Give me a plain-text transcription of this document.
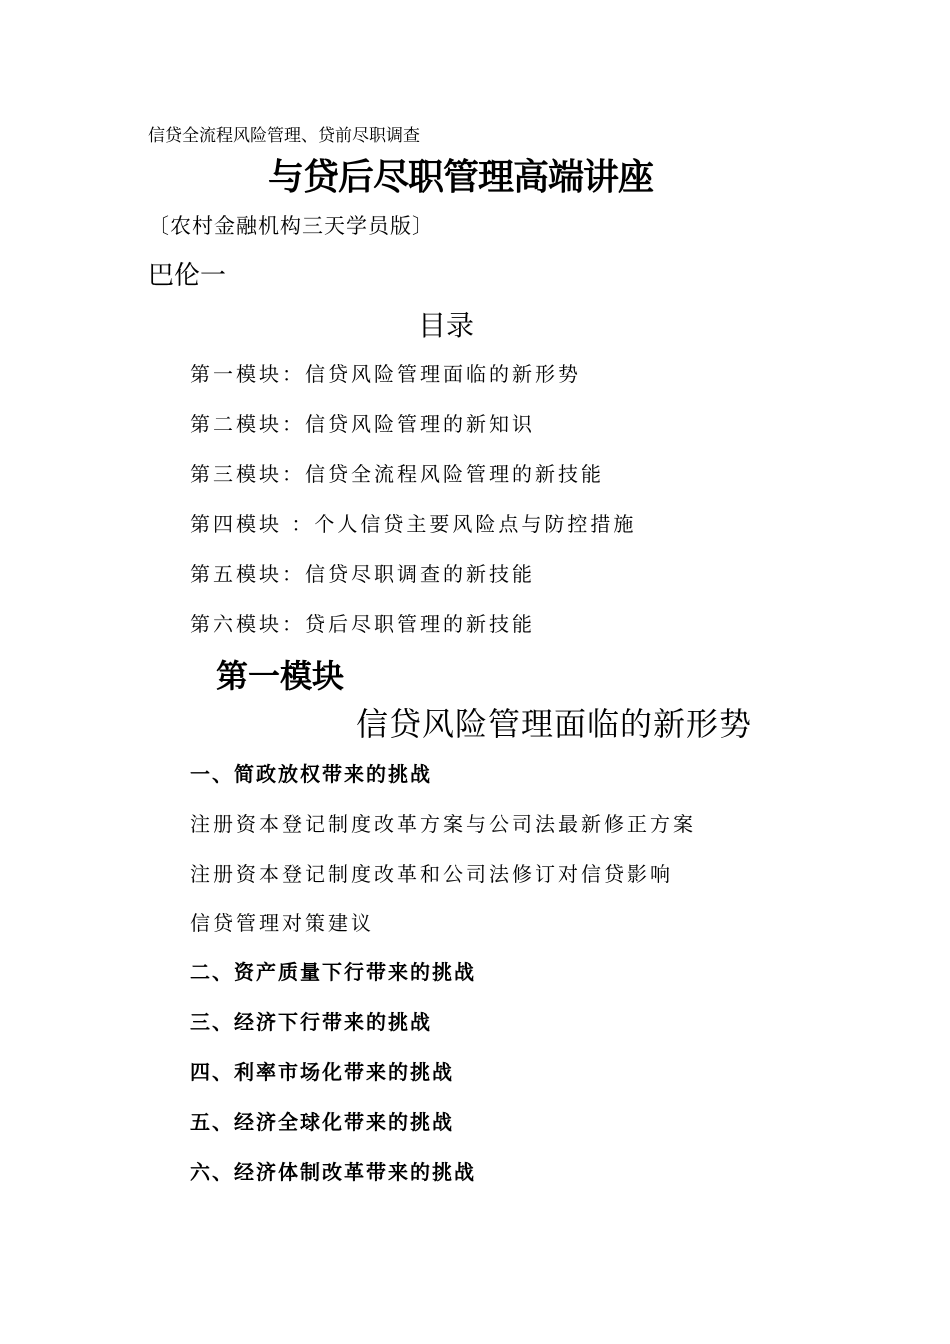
信贷全流程风险管理、贷前尽职调查
与贷后尽职管理高端讲座
〔农村金融机构三天学员版〕
巴伦一
目录
第一模块：信贷风险管理面临的新形势
第二模块：信贷风险管理的新知识
第三模块：信贷全流程风险管理的新技能
第四模块 ：个人信贷主要风险点与防控措施
第五模块：信贷尽职调查的新技能
第六模块：贷后尽职管理的新技能
第一模块
信贷风险管理面临的新形势
一、简政放权带来的挑战
注册资本登记制度改革方案与公司法最新修正方案
注册资本登记制度改革和公司法修订对信贷影响
信贷管理对策建议
二、资产质量下行带来的挑战
三、经济下行带来的挑战
四、利率市场化带来的挑战
五、经济全球化带来的挑战
六、经济体制改革带来的挑战
